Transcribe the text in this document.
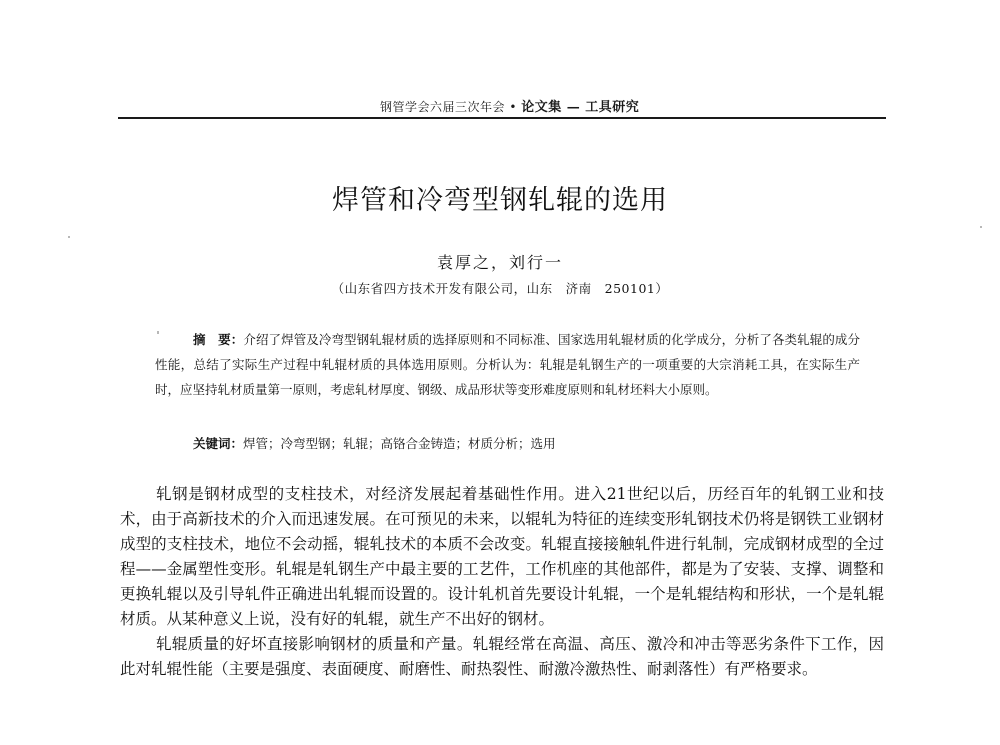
钢管学会六届三次年会 • 论文集 — 工具研究
焊管和冷弯型钢轧辊的选用
袁厚之，刘行一
（山东省四方技术开发有限公司，山东　济南　250101）
摘　要：介绍了焊管及冷弯型钢轧辊材质的选择原则和不同标准、国家选用轧辊材质的化学成分，分析了各类轧辊的成分性能，总结了实际生产过程中轧辊材质的具体选用原则。分析认为：轧辊是轧钢生产的一项重要的大宗消耗工具，在实际生产时，应坚持轧材质量第一原则，考虑轧材厚度、钢级、成品形状等变形难度原则和轧材坯料大小原则。
关键词：焊管；冷弯型钢；轧辊；高铬合金铸造；材质分析；选用

轧钢是钢材成型的支柱技术，对经济发展起着基础性作用。进入21世纪以后，历经百年的轧钢工业和技术，由于高新技术的介入而迅速发展。在可预见的未来，以辊轧为特征的连续变形轧钢技术仍将是钢铁工业钢材成型的支柱技术，地位不会动摇，辊轧技术的本质不会改变。轧辊直接接触轧件进行轧制，完成钢材成型的全过程——金属塑性变形。轧辊是轧钢生产中最主要的工艺件，工作机座的其他部件，都是为了安装、支撑、调整和更换轧辊以及引导轧件正确进出轧辊而设置的。设计轧机首先要设计轧辊，一个是轧辊结构和形状，一个是轧辊材质。从某种意义上说，没有好的轧辊，就生产不出好的钢材。

轧辊质量的好坏直接影响钢材的质量和产量。轧辊经常在高温、高压、激冷和冲击等恶劣条件下工作，因此对轧辊性能（主要是强度、表面硬度、耐磨性、耐热裂性、耐激冷激热性、耐剥落性）有严格要求。
